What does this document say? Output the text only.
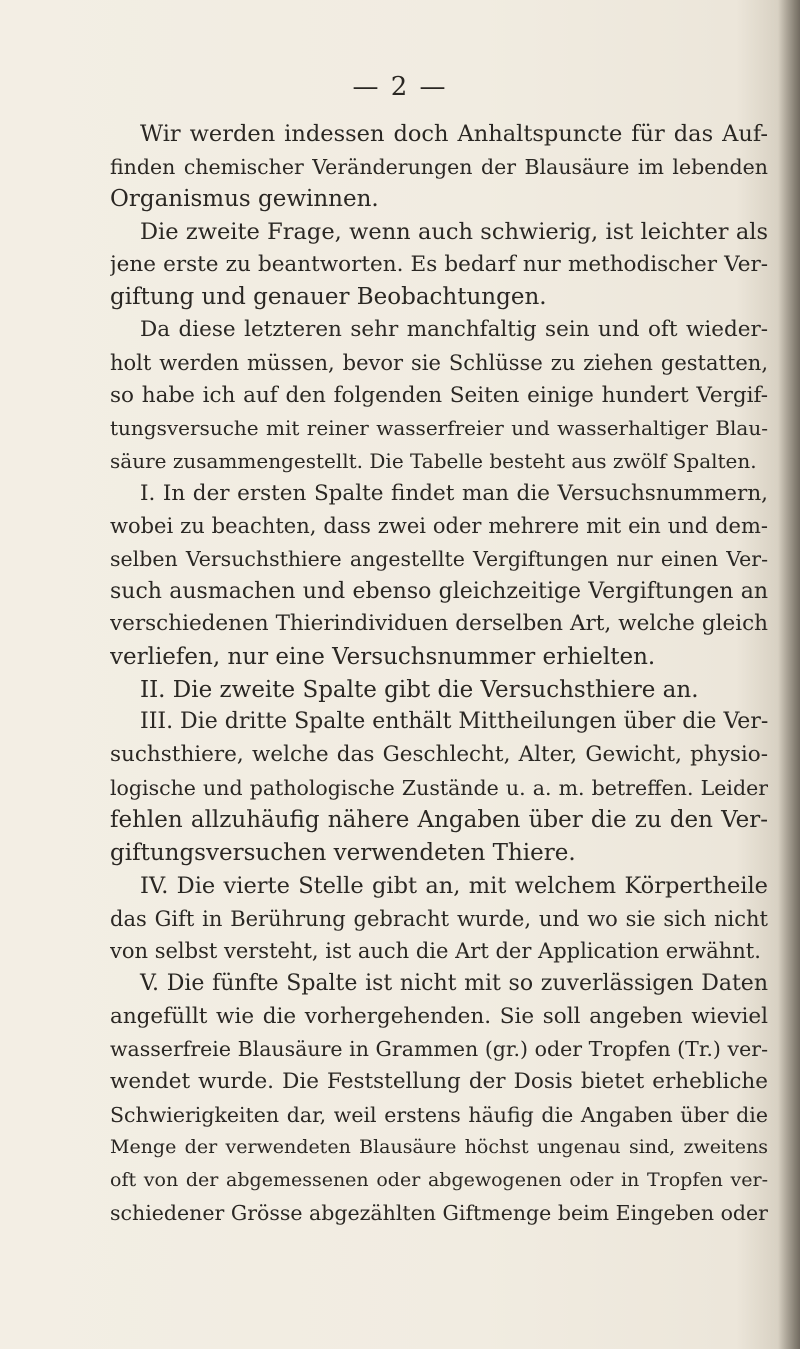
— 2 —
Wir werden indessen doch Anhaltspuncte für das Auf-
finden chemischer Veränderungen der Blausäure im lebenden
Organismus gewinnen.
Die zweite Frage, wenn auch schwierig, ist leichter als
jene erste zu beantworten. Es bedarf nur methodischer Ver-
giftung und genauer Beobachtungen.
Da diese letzteren sehr manchfaltig sein und oft wieder-
holt werden müssen, bevor sie Schlüsse zu ziehen gestatten,
so habe ich auf den folgenden Seiten einige hundert Vergif-
tungsversuche mit reiner wasserfreier und wasserhaltiger Blau-
säure zusammengestellt. Die Tabelle besteht aus zwölf Spalten.
I. In der ersten Spalte findet man die Versuchsnummern,
wobei zu beachten, dass zwei oder mehrere mit ein und dem-
selben Versuchsthiere angestellte Vergiftungen nur einen Ver-
such ausmachen und ebenso gleichzeitige Vergiftungen an
verschiedenen Thierindividuen derselben Art, welche gleich
verliefen, nur eine Versuchsnummer erhielten.
II. Die zweite Spalte gibt die Versuchsthiere an.
III. Die dritte Spalte enthält Mittheilungen über die Ver-
suchsthiere, welche das Geschlecht, Alter, Gewicht, physio-
logische und pathologische Zustände u. a. m. betreffen. Leider
fehlen allzuhäufig nähere Angaben über die zu den Ver-
giftungsversuchen verwendeten Thiere.
IV. Die vierte Stelle gibt an, mit welchem Körpertheile
das Gift in Berührung gebracht wurde, und wo sie sich nicht
von selbst versteht, ist auch die Art der Application erwähnt.
V. Die fünfte Spalte ist nicht mit so zuverlässigen Daten
angefüllt wie die vorhergehenden. Sie soll angeben wieviel
wasserfreie Blausäure in Grammen (gr.) oder Tropfen (Tr.) ver-
wendet wurde. Die Feststellung der Dosis bietet erhebliche
Schwierigkeiten dar, weil erstens häufig die Angaben über die
Menge der verwendeten Blausäure höchst ungenau sind, zweitens
oft von der abgemessenen oder abgewogenen oder in Tropfen ver-
schiedener Grösse abgezählten Giftmenge beim Eingeben oder
